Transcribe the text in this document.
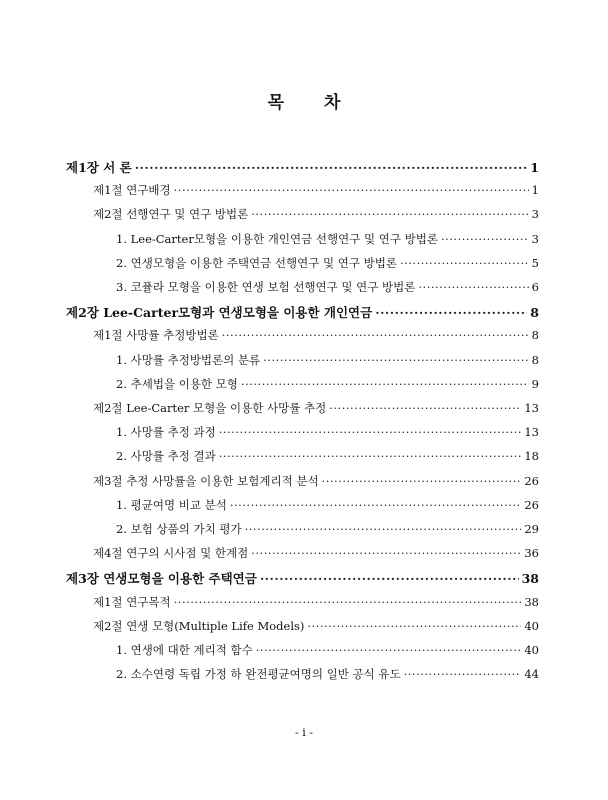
목 차
제1장 서 론 ·····	1
제1절 연구배경 ·····	1
제2절 선행연구 및 연구 방법론 ·····	3
1. Lee-Carter모형을 이용한 개인연금 선행연구 및 연구 방법론 ·····	3
2. 연생모형을 이용한 주택연금 선행연구 및 연구 방법론 ·····	5
3. 코퓰라 모형을 이용한 연생 보험 선행연구 및 연구 방법론 ·····	6
제2장 Lee-Carter모형과 연생모형을 이용한 개인연금 ·····	8
제1절 사망률 추정방법론 ·····	8
1. 사망률 추정방법론의 분류 ·····	8
2. 추세법을 이용한 모형 ·····	9
제2절 Lee-Carter 모형을 이용한 사망률 추정 ·····	13
1. 사망률 추정 과정 ·····	13
2. 사망률 추정 결과 ·····	18
제3절 추정 사망률을 이용한 보험계리적 분석 ·····	26
1. 평균여명 비교 분석 ·····	26
2. 보험 상품의 가치 평가 ·····	29
제4절 연구의 시사점 및 한계점 ·····	36
제3장 연생모형을 이용한 주택연금 ·····	38
제1절 연구목적 ·····	38
제2절 연생 모형(Multiple Life Models) ·····	40
1. 연생에 대한 계리적 함수 ·····	40
2. 소수연령 독립 가정 하 완전평균여명의 일반 공식 유도 ·····	44
- i -
